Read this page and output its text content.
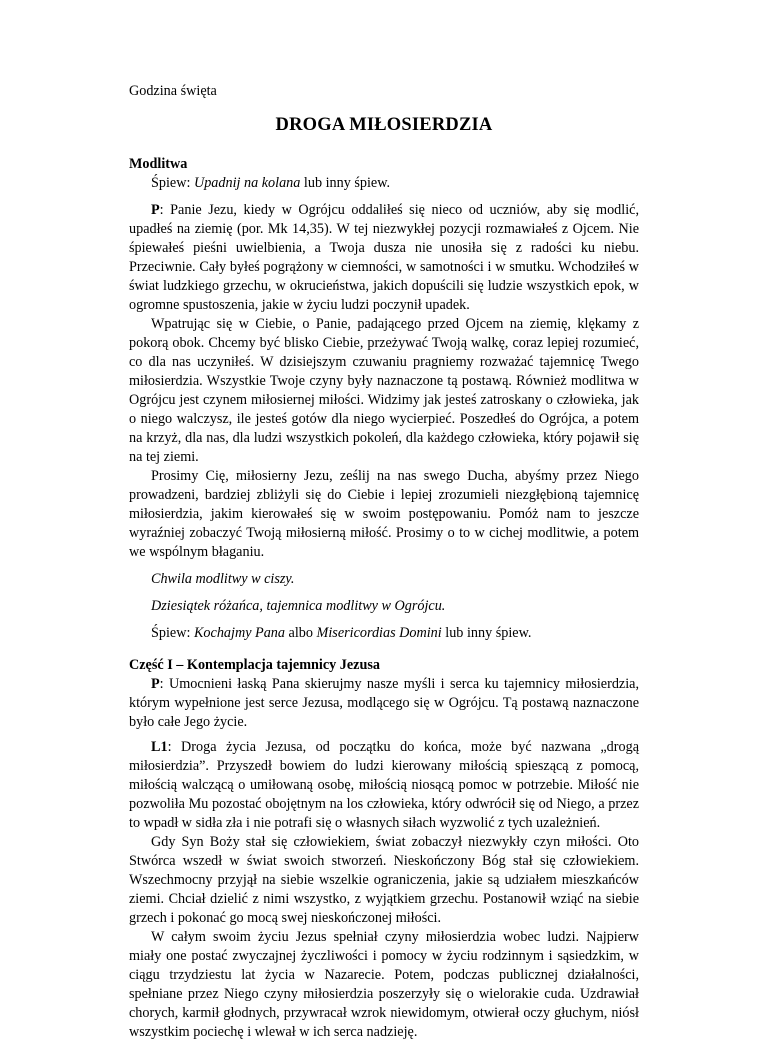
Godzina święta
DROGA MIŁOSIERDZIA
Modlitwa

Śpiew: Upadnij na kolana lub inny śpiew.

P: Panie Jezu, kiedy w Ogrójcu oddaliłeś się nieco od uczniów, aby się modlić, upadłeś na ziemię (por. Mk 14,35). W tej niezwykłej pozycji rozmawiałeś z Ojcem. Nie śpiewałeś pieśni uwielbienia, a Twoja dusza nie unosiła się z radości ku niebu. Przeciwnie. Cały byłeś pogrążony w ciemności, w samotności i w smutku. Wchodziłeś w świat ludzkiego grzechu, w okrucieństwa, jakich dopuścili się ludzie wszystkich epok, w ogromne spustoszenia, jakie w życiu ludzi poczynił upadek.

Wpatrując się w Ciebie, o Panie, padającego przed Ojcem na ziemię, klękamy z pokorą obok. Chcemy być blisko Ciebie, przeżywać Twoją walkę, coraz lepiej rozumieć, co dla nas uczyniłeś. W dzisiejszym czuwaniu pragniemy rozważać tajemnicę Twego miłosierdzia. Wszystkie Twoje czyny były naznaczone tą postawą. Również modlitwa w Ogrójcu jest czynem miłosiernej miłości. Widzimy jak jesteś zatroskany o człowieka, jak o niego walczysz, ile jesteś gotów dla niego wycierpieć. Poszedłeś do Ogrójca, a potem na krzyż, dla nas, dla ludzi wszystkich pokoleń, dla każdego człowieka, który pojawił się na tej ziemi.

Prosimy Cię, miłosierny Jezu, ześlij na nas swego Ducha, abyśmy przez Niego prowadzeni, bardziej zbliżyli się do Ciebie i lepiej zrozumieli niezgłębioną tajemnicę miłosierdzia, jakim kierowałeś się w swoim postępowaniu. Pomóż nam to jeszcze wyraźniej zobaczyć Twoją miłosierną miłość. Prosimy o to w cichej modlitwie, a potem we wspólnym błaganiu.

Chwila modlitwy w ciszy.

Dziesiątek różańca, tajemnica modlitwy w Ogrójcu.

Śpiew: Kochajmy Pana albo Misericordias Domini lub inny śpiew.

Część I – Kontemplacja tajemnicy Jezusa

P: Umocnieni łaską Pana skierujmy nasze myśli i serca ku tajemnicy miłosierdzia, którym wypełnione jest serce Jezusa, modlącego się w Ogrójcu. Tą postawą naznaczone było całe Jego życie.

L1: Droga życia Jezusa, od początku do końca, może być nazwana „drogą miłosierdzia”. Przyszedł bowiem do ludzi kierowany miłością spieszącą z pomocą, miłością walczącą o umiłowaną osobę, miłością niosącą pomoc w potrzebie. Miłość nie pozwoliła Mu pozostać obojętnym na los człowieka, który odwrócił się od Niego, a przez to wpadł w sidła zła i nie potrafi się o własnych siłach wyzwolić z tych uzależnień.

Gdy Syn Boży stał się człowiekiem, świat zobaczył niezwykły czyn miłości. Oto Stwórca wszedł w świat swoich stworzeń. Nieskończony Bóg stał się człowiekiem. Wszechmocny przyjął na siebie wszelkie ograniczenia, jakie są udziałem mieszkańców ziemi. Chciał dzielić z nimi wszystko, z wyjątkiem grzechu. Postanowił wziąć na siebie grzech i pokonać go mocą swej nieskończonej miłości.

W całym swoim życiu Jezus spełniał czyny miłosierdzia wobec ludzi. Najpierw miały one postać zwyczajnej życzliwości i pomocy w życiu rodzinnym i sąsiedzkim, w ciągu trzydziestu lat życia w Nazarecie. Potem, podczas publicznej działalności, spełniane przez Niego czyny miłosierdzia poszerzyły się o wielorakie cuda. Uzdrawiał chorych, karmił głodnych, przywracał wzrok niewidomym, otwierał oczy głuchym, niósł wszystkim pociechę i wlewał w ich serca nadzieję.
